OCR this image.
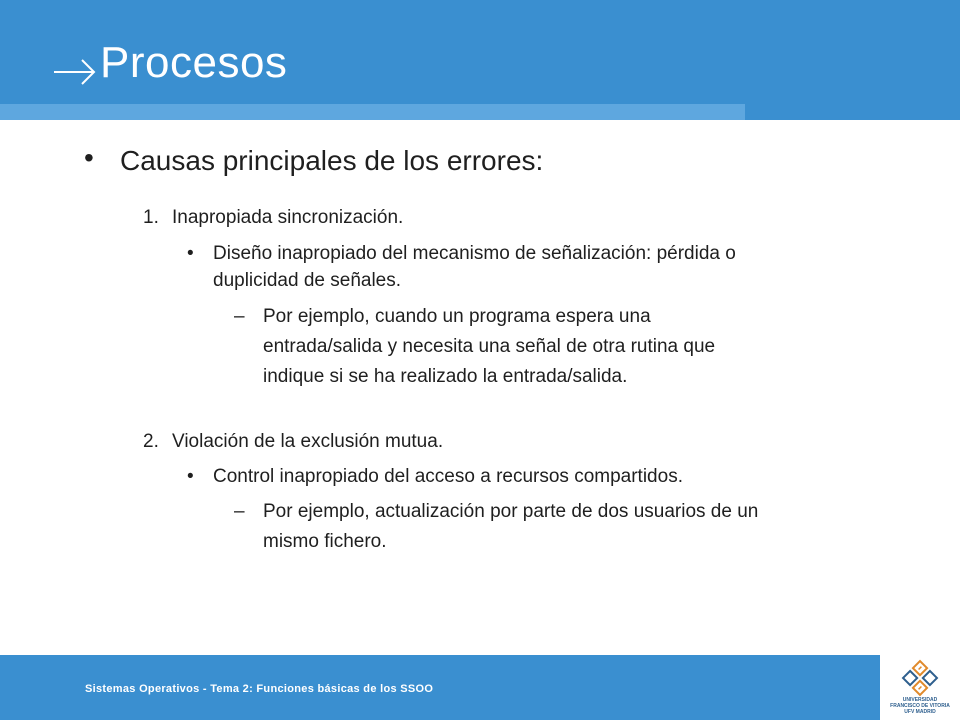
Procesos
• Causas principales de los errores:
1. Inapropiada sincronización.
• Diseño inapropiado del mecanismo de señalización: pérdida o
duplicidad de señales.
– Por ejemplo, cuando un programa espera una
entrada/salida y necesita una señal de otra rutina que
indique si se ha realizado la entrada/salida.
2. Violación de la exclusión mutua.
• Control inapropiado del acceso a recursos compartidos.
– Por ejemplo, actualización por parte de dos usuarios de un
mismo fichero.
Sistemas Operativos - Tema 2: Funciones básicas de los SSOO
UNIVERSIDAD
FRANCISCO DE VITORIA
UFV MADRID
